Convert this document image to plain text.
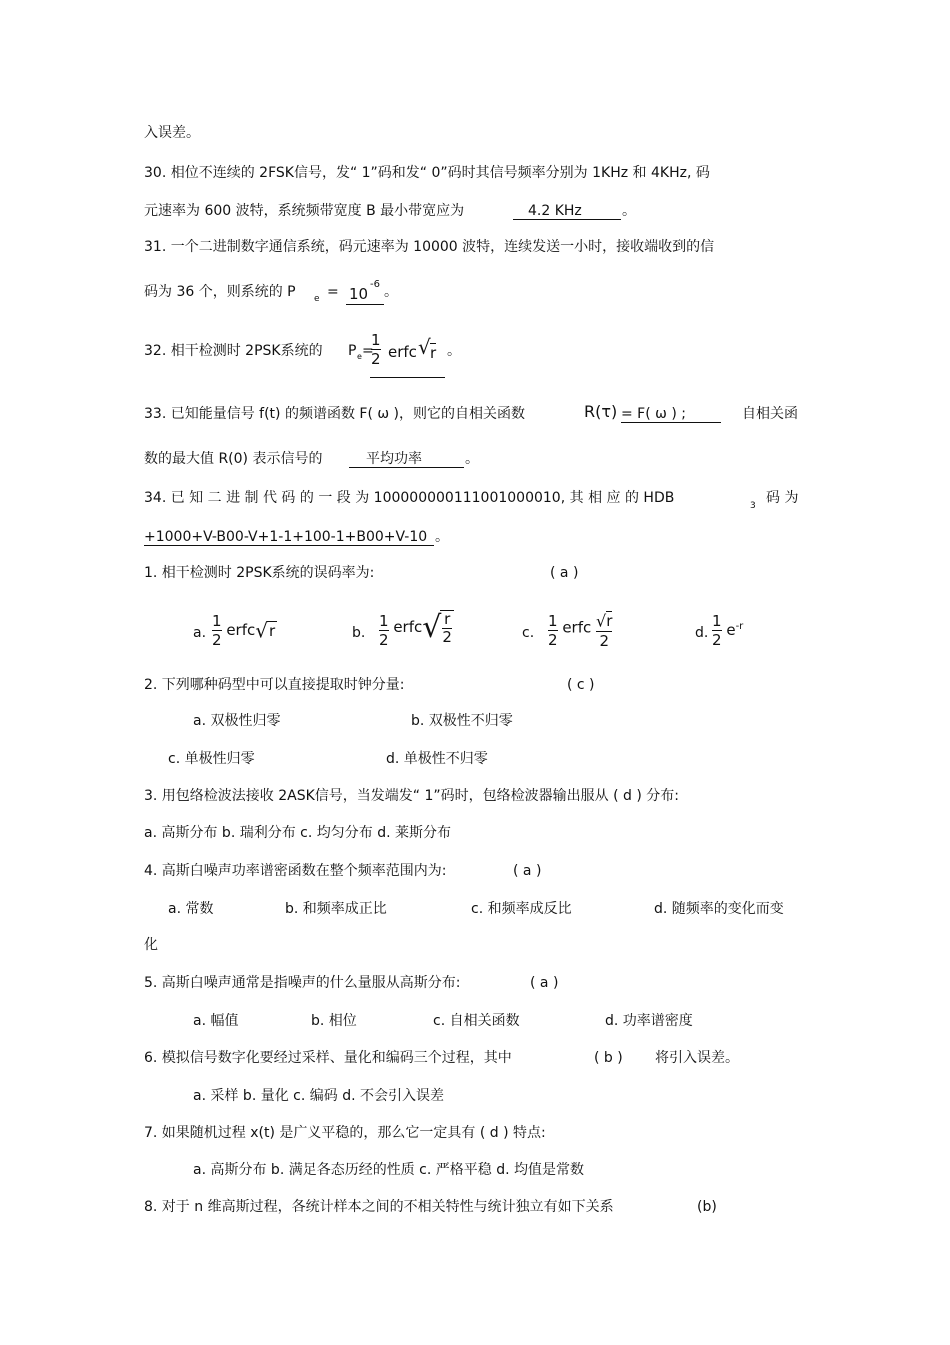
入误差。
30. 相位不连续的 2FSK信号，发“ 1”码和发“ 0”码时其信号频率分别为 1KHz 和 4KHz, 码
元速率为 600 波特，系统频带宽度 B 最小带宽应为	4.2 KHz	。
31. 一个二进制数字通信系统，码元速率为 10000 波特，连续发送一小时，接收端收到的信
码为 36 个，则系统的 P e = 10
-6 。
32. 相干检测时 2PSK系统的 P e =
$\frac{1}{2}$ erfc √ r 。
33. 已知能量信号 f(t) 的频谱函数 F( ω )，则它的自相关函数	R(τ) = F( ω ) ;	自相关函
数的最大值 R(0) 表示信号的	平均功率	。
34. 已 知 二 进 制 代 码 的 一 段 为 100000000111001000010, 其 相 应 的 HDB	3 码 为
+1000+V-B00-V+1-1+100-1+B00+V-10 。
1. 相干检测时 2PSK系统的误码率为:	( a )
a. $\frac{1}{2}$ erfc√r	b. $\frac{1}{2}$ erfc√ $\frac{r}{2}$	c. $\frac{1}{2}$ erfc $\frac{√r}{2}$	d. $\frac{1}{2} e^{-r}$
2. 下列哪种码型中可以直接提取时钟分量:	( c )
a. 双极性归零	b. 双极性不归零
c. 单极性归零	d. 单极性不归零
3. 用包络检波法接收 2ASK信号，当发端发“ 1”码时，包络检波器输出服从 ( d ) 分布:
a. 高斯分布 b. 瑞利分布 c. 均匀分布 d. 莱斯分布
4. 高斯白噪声功率谱密函数在整个频率范围内为:	( a )
a. 常数	b. 和频率成正比	c. 和频率成反比	d. 随频率的变化而变
化
5. 高斯白噪声通常是指噪声的什么量服从高斯分布:	( a )
a. 幅值	b. 相位	c. 自相关函数	d. 功率谱密度
6. 模拟信号数字化要经过采样、量化和编码三个过程，其中	( b ) 将引入误差。
a. 采样 b. 量化 c. 编码 d. 不会引入误差
7. 如果随机过程 x(t) 是广义平稳的，那么它一定具有 ( d ) 特点:
a. 高斯分布 b. 满足各态历经的性质 c. 严格平稳 d. 均值是常数
8. 对于 n 维高斯过程，各统计样本之间的不相关特性与统计独立有如下关系	(b)
